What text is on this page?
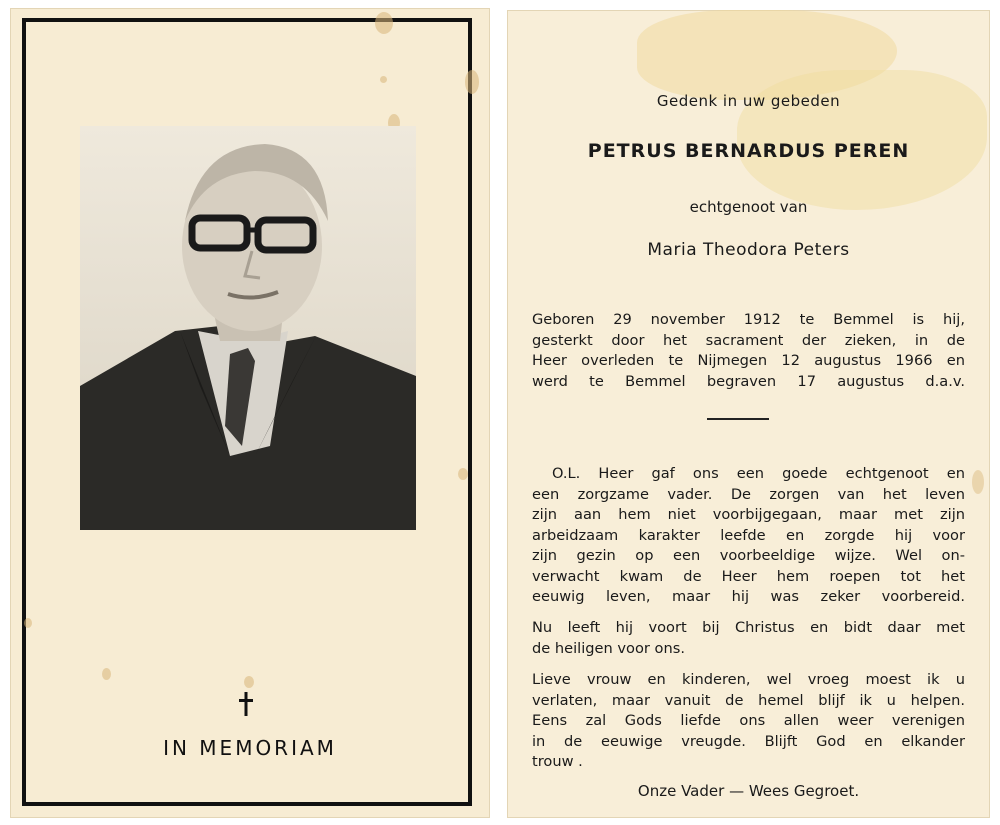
IN MEMORIAM
Gedenk in uw gebeden
PETRUS BERNARDUS PEREN
echtgenoot van
Maria Theodora Peters
Geboren 29 november 1912 te Bemmel is hij,
gesterkt door het sacrament der zieken, in de
Heer overleden te Nijmegen 12 augustus 1966 en
werd te Bemmel begraven 17 augustus d.a.v.
O.L. Heer gaf ons een goede echtgenoot en
een zorgzame vader. De zorgen van het leven
zijn aan hem niet voorbijgegaan, maar met zijn
arbeidzaam karakter leefde en zorgde hij voor
zijn gezin op een voorbeeldige wijze. Wel on-
verwacht kwam de Heer hem roepen tot het
eeuwig leven, maar hij was zeker voorbereid.
Nu leeft hij voort bij Christus en bidt daar met
de heiligen voor ons.
Lieve vrouw en kinderen, wel vroeg moest ik u
verlaten, maar vanuit de hemel blijf ik u helpen.
Eens zal Gods liefde ons allen weer verenigen
in de eeuwige vreugde. Blijft God en elkander
trouw .
Onze Vader — Wees Gegroet.
